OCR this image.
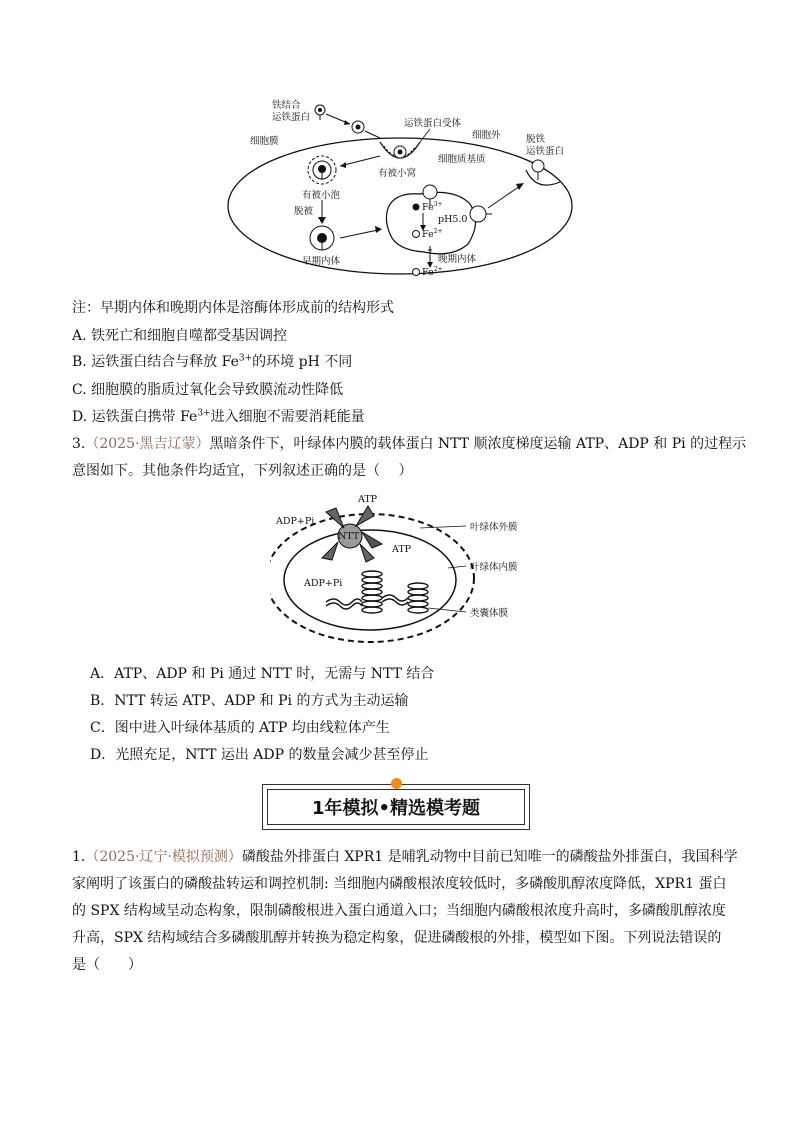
铁结合
运铁蛋白
运铁蛋白受体
细胞外
细胞质基质
细胞膜
有被小窝
有被小泡
脱被
早期内体
$Fe^{3+}$
pH5.0
$Fe^{2+}$
晚期内体
$Fe^{2+}$
脱铁
运铁蛋白
注：早期内体和晚期内体是溶酶体形成前的结构形式
A. 铁死亡和细胞自噬都受基因调控
B. 运铁蛋白结合与释放 $Fe^{3+}$的环境 pH 不同
C. 细胞膜的脂质过氧化会导致膜流动性降低
D. 运铁蛋白携带 $Fe^{3+}$进入细胞不需要消耗能量
3.（2025·黑吉辽蒙）黑暗条件下，叶绿体内膜的载体蛋白 NTT 顺浓度梯度运输 ATP、ADP 和 Pi 的过程示
意图如下。其他条件均适宜，下列叙述正确的是（　 ）
NTT
ATP
ADP+Pi
ATP
ADP+Pi
叶绿体外膜
叶绿体内膜
类囊体膜
A．ATP、ADP 和 Pi 通过 NTT 时，无需与 NTT 结合
B．NTT 转运 ATP、ADP 和 Pi 的方式为主动运输
C．图中进入叶绿体基质的 ATP 均由线粒体产生
D．光照充足，NTT 运出 ADP 的数量会减少甚至停止
1年模拟•精选模考题
1.（2025·辽宁·模拟预测）磷酸盐外排蛋白 XPR1 是哺乳动物中目前已知唯一的磷酸盐外排蛋白，我国科学
家阐明了该蛋白的磷酸盐转运和调控机制: 当细胞内磷酸根浓度较低时，多磷酸肌醇浓度降低，XPR1 蛋白
的 SPX 结构域呈动态构象，限制磷酸根进入蛋白通道入口；当细胞内磷酸根浓度升高时，多磷酸肌醇浓度
升高，SPX 结构域结合多磷酸肌醇并转换为稳定构象，促进磷酸根的外排，模型如下图。下列说法错误的
是（　　）
